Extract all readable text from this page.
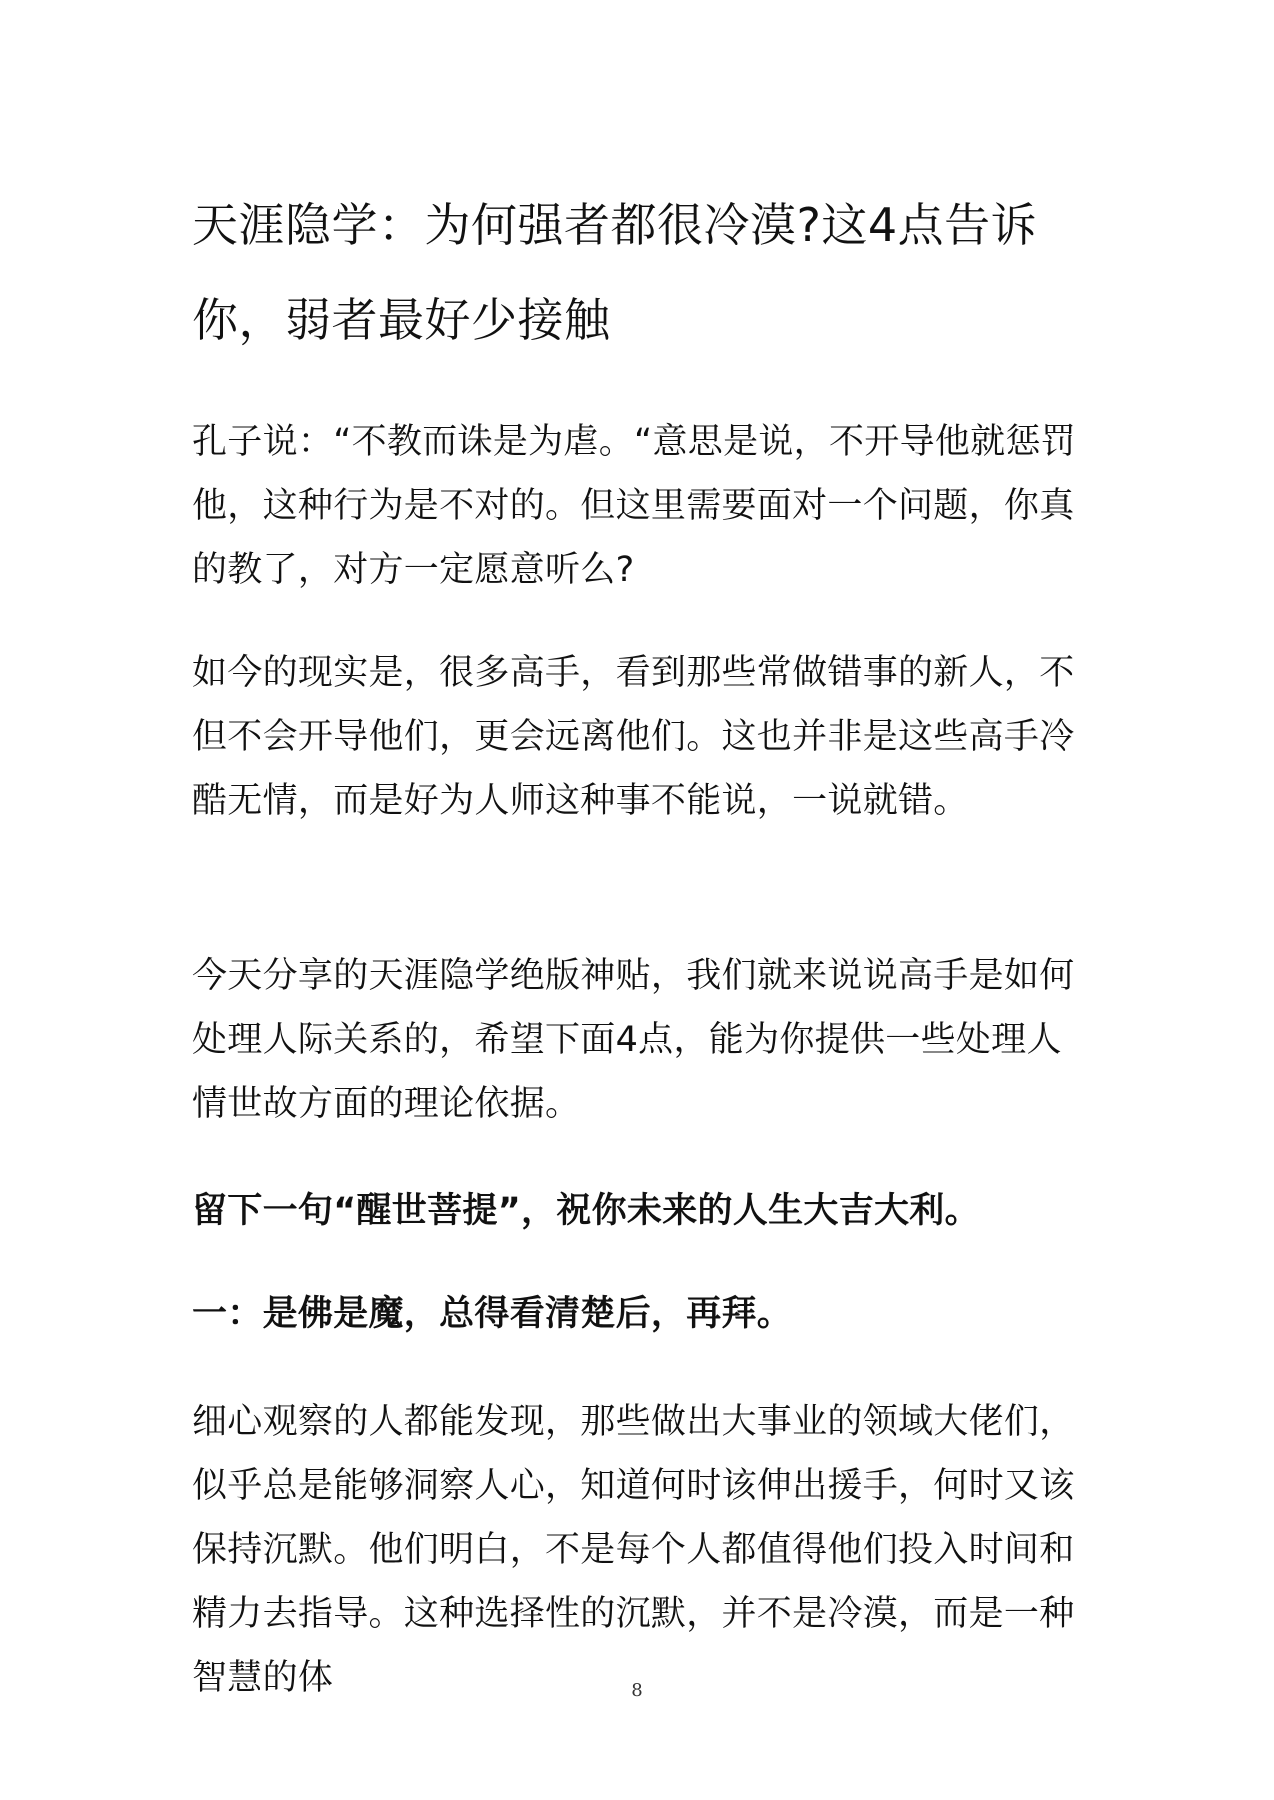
天涯隐学：为何强者都很冷漠?这4点告诉你，弱者最好少接触

孔子说：“不教而诛是为虐。“意思是说，不开导他就惩罚他，这种行为是不对的。但这里需要面对一个问题，你真的教了，对方一定愿意听么?

如今的现实是，很多高手，看到那些常做错事的新人，不但不会开导他们，更会远离他们。这也并非是这些高手冷酷无情，而是好为人师这种事不能说，一说就错。

今天分享的天涯隐学绝版神贴，我们就来说说高手是如何处理人际关系的，希望下面4点，能为你提供一些处理人情世故方面的理论依据。

留下一句“醒世菩提”，祝你未来的人生大吉大利。

一：是佛是魔，总得看清楚后，再拜。

细心观察的人都能发现，那些做出大事业的领域大佬们，似乎总是能够洞察人心，知道何时该伸出援手，何时又该保持沉默。他们明白，不是每个人都值得他们投入时间和精力去指导。这种选择性的沉默，并不是冷漠，而是一种智慧的体	8
